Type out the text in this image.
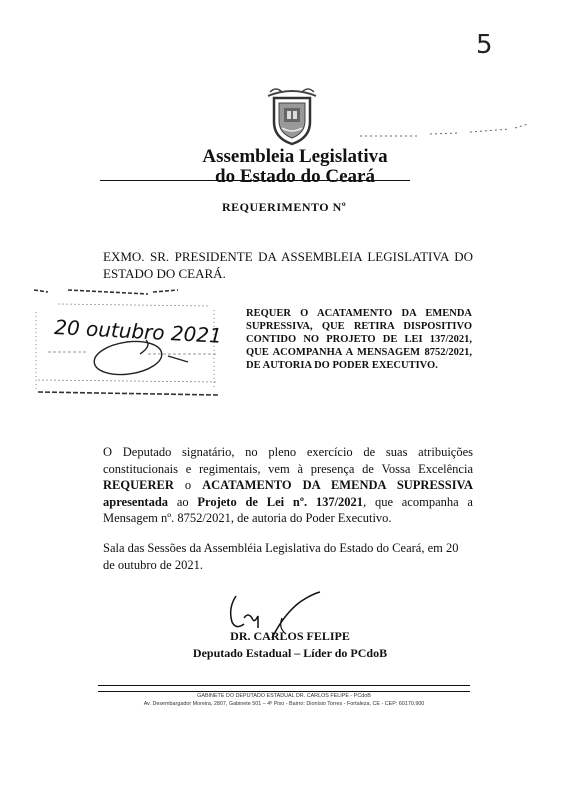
5
Assembleia Legislativa
do Estado do Ceará
REQUERIMENTO Nº
EXMO. SR. PRESIDENTE DA ASSEMBLEIA LEGISLATIVA DO ESTADO DO CEARÁ.
20 outubro 2021
REQUER O ACATAMENTO DA EMENDA SUPRESSIVA, QUE RETIRA DISPOSITIVO CONTIDO NO PROJETO DE LEI 137/2021, QUE ACOMPANHA A MENSAGEM 8752/2021, DE AUTORIA DO PODER EXECUTIVO.
O Deputado signatário, no pleno exercício de suas atribuições constitucionais e regimentais, vem à presença de Vossa Excelência REQUERER o ACATAMENTO DA EMENDA SUPRESSIVA apresentada ao Projeto de Lei nº. 137/2021, que acompanha a Mensagem nº. 8752/2021, de autoria do Poder Executivo.
Sala das Sessões da Assembléia Legislativa do Estado do Ceará, em 20 de outubro de 2021.
DR. CARLOS FELIPE
Deputado Estadual – Líder do PCdoB
GABINETE DO DEPUTADO ESTADUAL DR. CARLOS FELIPE - PCdoB
Av. Desembargador Moreira, 2807, Gabinete 501 – 4º Piso - Bairro: Dionísio Torres - Fortaleza, CE - CEP: 60170.900
